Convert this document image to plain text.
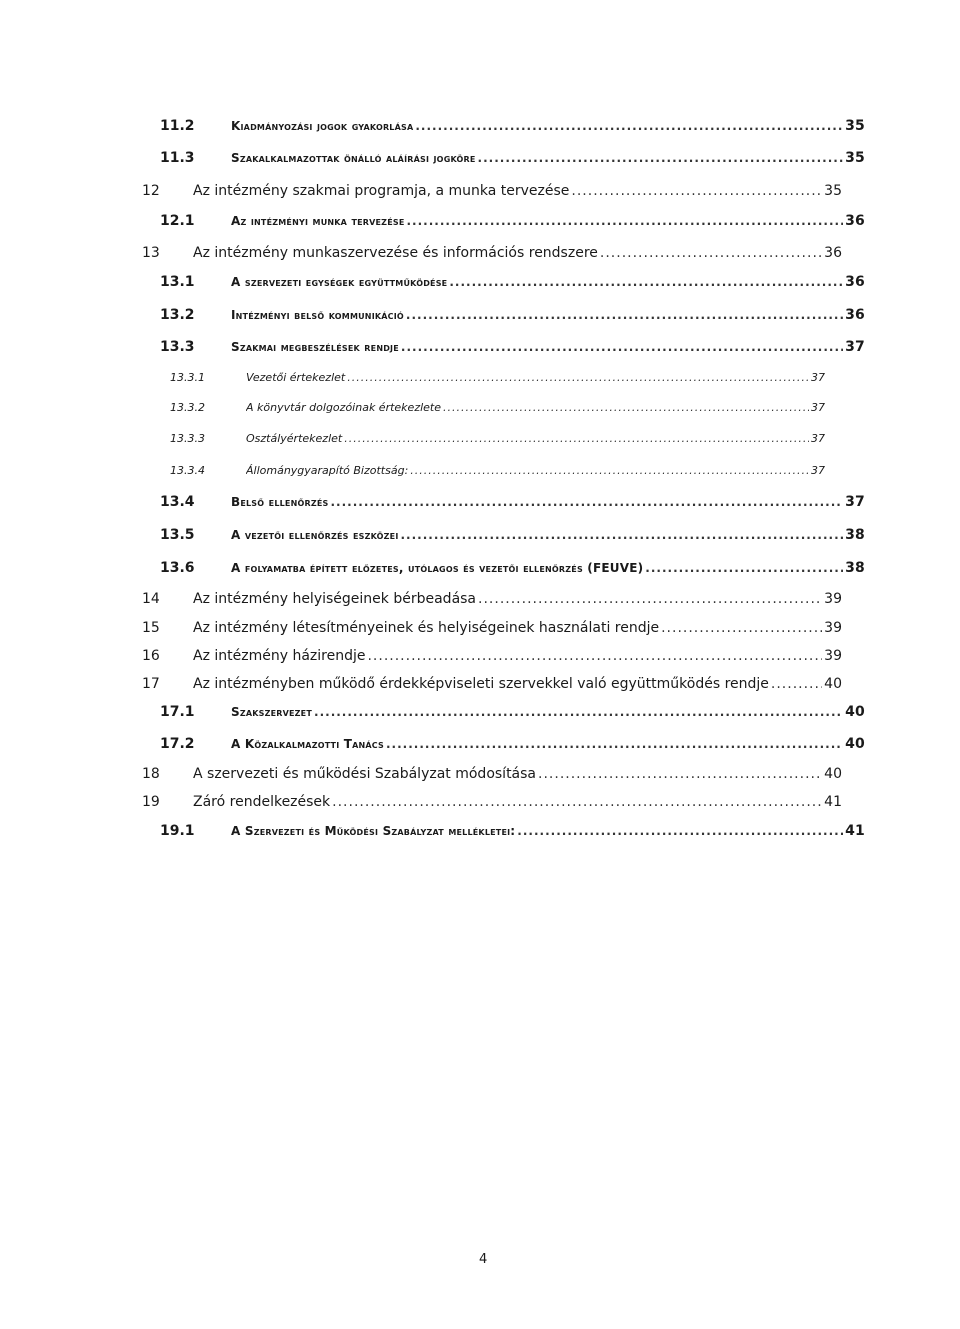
11.2	Kiadmányozási jogok gyakorlása .....	35
11.3	Szakalkalmazottak önálló aláírási jogköre .....	35
12 Az intézmény szakmai programja, a munka tervezése .....	35
12.1	Az intézményi munka tervezése .....	36
13 Az intézmény munkaszervezése és információs rendszere .....	36
13.1	A szervezeti egységek együttműködése .....	36
13.2	Intézményi belső kommunikáció .....	36
13.3	Szakmai megbeszélések rendje .....	37
13.3.1	Vezetői értekezlet .....	37
13.3.2	A könyvtár dolgozóinak értekezlete .....	37
13.3.3	Osztályértekezlet .....	37
13.3.4	Állománygyarapító Bizottság: .....	37
13.4	Belső ellenőrzés .....	37
13.5	A vezetői ellenőrzés eszközei .....	38
13.6	A folyamatba épített előzetes, utólagos és vezetői ellenőrzés (FEUVE) .....	38
14 Az intézmény helyiségeinek bérbeadása .....	39
15 Az intézmény létesítményeinek és helyiségeinek használati rendje .....	39
16 Az intézmény házirendje .....	39
17 Az intézményben működő érdekképviseleti szervekkel való együttműködés rendje .....	40
17.1	Szakszervezet .....	40
17.2	A Közalkalmazotti Tanács .....	40
18 A szervezeti és működési Szabályzat módosítása .....	40
19 Záró rendelkezések .....	41
19.1	A Szervezeti és Működési Szabályzat mellékletei: .....	41
4
